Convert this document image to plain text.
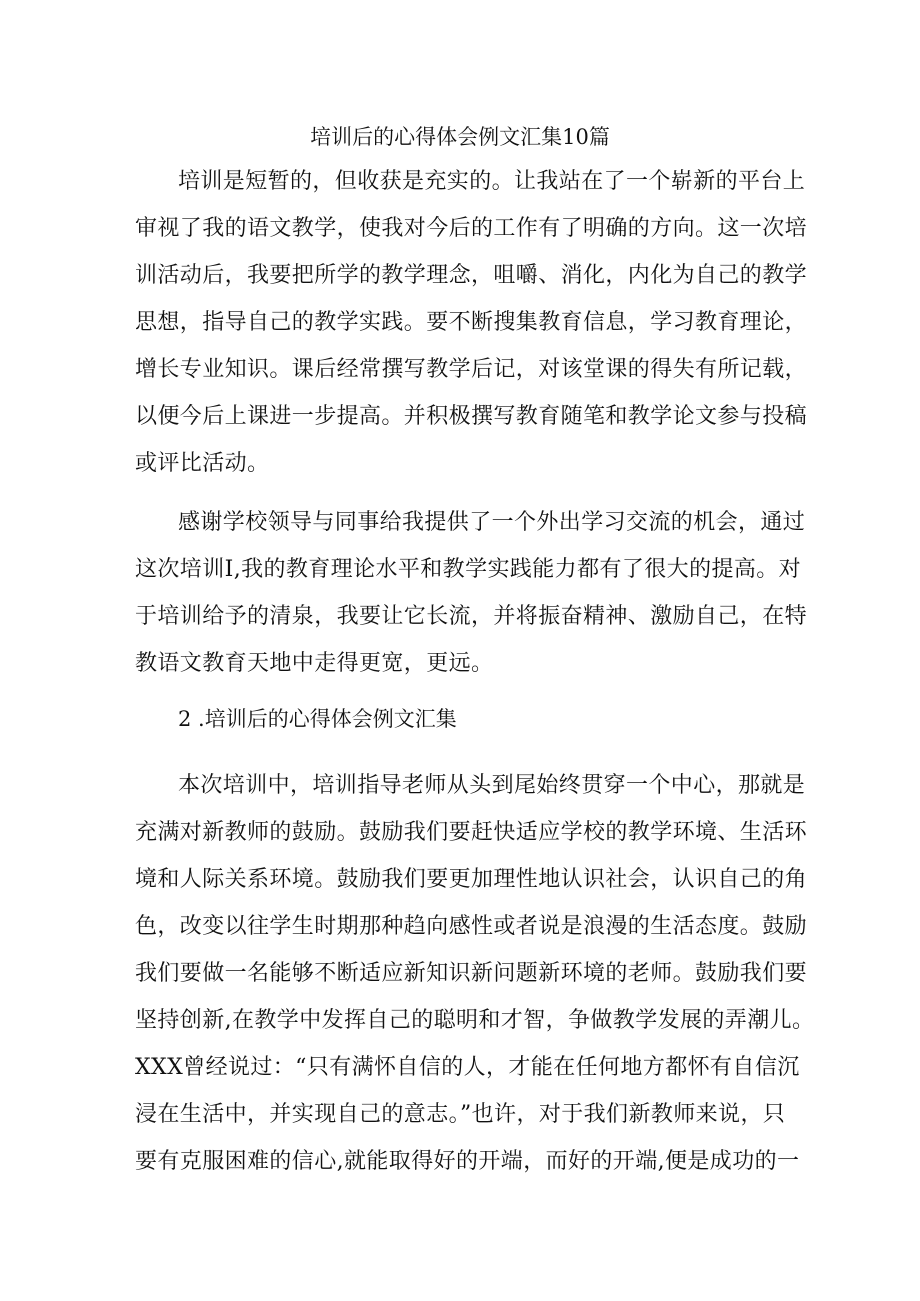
培训后的心得体会例文汇集10篇
培训是短暂的，但收获是充实的。让我站在了一个崭新的平台上
审视了我的语文教学，使我对今后的工作有了明确的方向。这一次培
训活动后，我要把所学的教学理念，咀嚼、消化，内化为自己的教学
思想，指导自己的教学实践。要不断搜集教育信息，学习教育理论，
增长专业知识。课后经常撰写教学后记，对该堂课的得失有所记载，
以便今后上课进一步提高。并积极撰写教育随笔和教学论文参与投稿
或评比活动。
感谢学校领导与同事给我提供了一个外出学习交流的机会，通过
这次培训I,我的教育理论水平和教学实践能力都有了很大的提高。对
于培训给予的清泉，我要让它长流，并将振奋精神、激励自己，在特
教语文教育天地中走得更宽，更远。
2 .培训后的心得体会例文汇集
本次培训中，培训指导老师从头到尾始终贯穿一个中心，那就是
充满对新教师的鼓励。鼓励我们要赶快适应学校的教学环境、生活环
境和人际关系环境。鼓励我们要更加理性地认识社会，认识自己的角
色，改变以往学生时期那种趋向感性或者说是浪漫的生活态度。鼓励
我们要做一名能够不断适应新知识新问题新环境的老师。鼓励我们要
坚持创新,在教学中发挥自己的聪明和才智，争做教学发展的弄潮儿。
XXX曾经说过：“只有满怀自信的人，才能在任何地方都怀有自信沉
浸在生活中，并实现自己的意志。”也许，对于我们新教师来说，只
要有克服困难的信心,就能取得好的开端，而好的开端,便是成功的一
